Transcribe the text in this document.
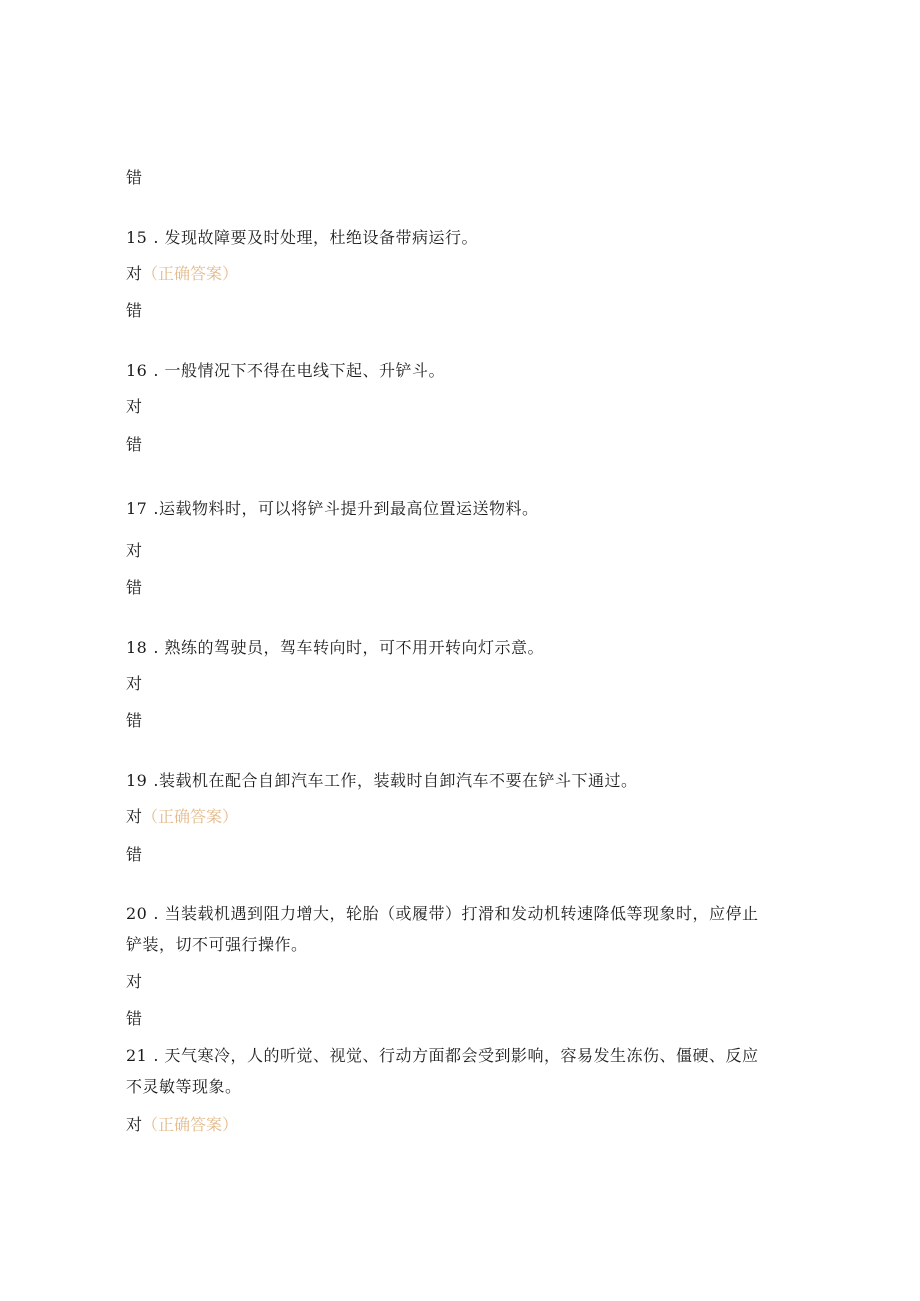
错
15 . 发现故障要及时处理，杜绝设备带病运行。
对（正确答案）
错
16 . 一般情况下不得在电线下起、升铲斗。
对
错
17 .运载物料时，可以将铲斗提升到最高位置运送物料。
对
错
18 . 熟练的驾驶员，驾车转向时，可不用开转向灯示意。
对
错
19 .装载机在配合自卸汽车工作，装载时自卸汽车不要在铲斗下通过。
对（正确答案）
错
20 . 当装载机遇到阻力增大，轮胎（或履带）打滑和发动机转速降低等现象时，应停止铲装，切不可强行操作。
对
错
21 . 天气寒冷，人的听觉、视觉、行动方面都会受到影响，容易发生冻伤、僵硬、反应不灵敏等现象。
对（正确答案）
